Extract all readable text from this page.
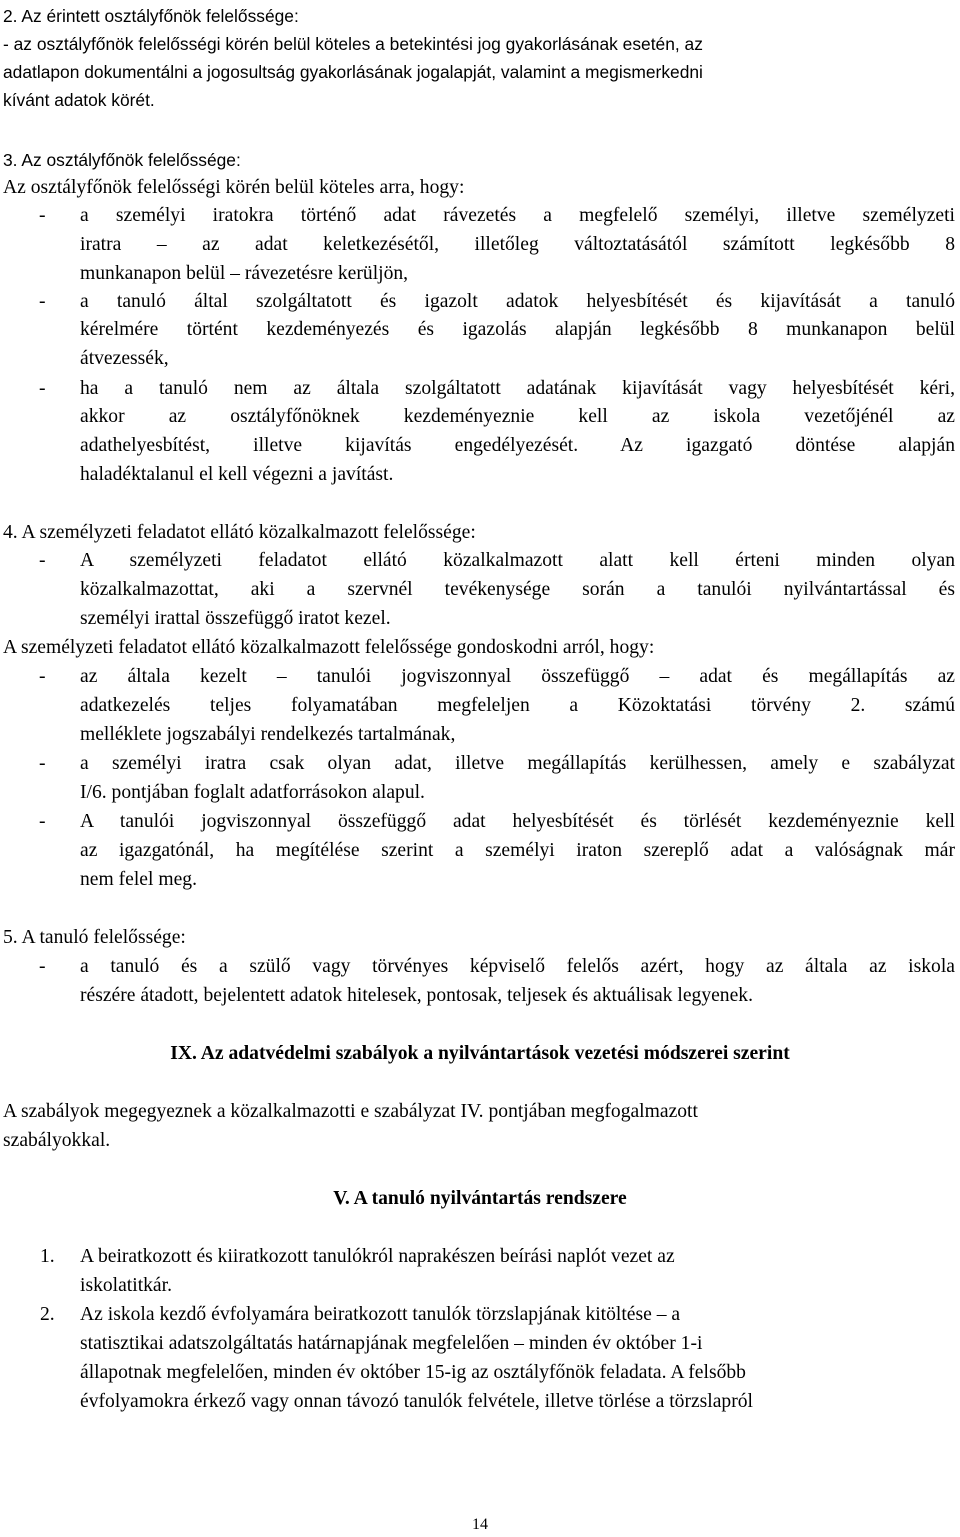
2. Az érintett osztályfőnök felelőssége:
- az osztályfőnök felelősségi körén belül köteles a betekintési jog gyakorlásának esetén, az
adatlapon dokumentálni a jogosultság gyakorlásának jogalapját, valamint a megismerkedni
kívánt adatok körét.
3. Az osztályfőnök felelőssége:
Az osztályfőnök felelősségi körén belül köteles arra, hogy:
- a személyi iratokra történő adat rávezetés a megfelelő személyi, illetve személyzeti
iratra – az adat keletkezésétől, illetőleg változtatásától számított legkésőbb 8
munkanapon belül – rávezetésre kerüljön,
- a tanuló által szolgáltatott és igazolt adatok helyesbítését és kijavítását a tanuló
kérelmére történt kezdeményezés és igazolás alapján legkésőbb 8 munkanapon belül
átvezessék,
- ha a tanuló nem az általa szolgáltatott adatának kijavítását vagy helyesbítését kéri,
akkor az osztályfőnöknek kezdeményeznie kell az iskola vezetőjénél az
adathelyesbítést, illetve kijavítás engedélyezését. Az igazgató döntése alapján
haladéktalanul el kell végezni a javítást.
4. A személyzeti feladatot ellátó közalkalmazott felelőssége:
- A személyzeti feladatot ellátó közalkalmazott alatt kell érteni minden olyan
közalkalmazottat, aki a szervnél tevékenysége során a tanulói nyilvántartással és
személyi irattal összefüggő iratot kezel.
A személyzeti feladatot ellátó közalkalmazott felelőssége gondoskodni arról, hogy:
- az általa kezelt – tanulói jogviszonnyal összefüggő – adat és megállapítás az
adatkezelés teljes folyamatában megfeleljen a Közoktatási törvény 2. számú
melléklete jogszabályi rendelkezés tartalmának,
- a személyi iratra csak olyan adat, illetve megállapítás kerülhessen, amely e szabályzat
I/6. pontjában foglalt adatforrásokon alapul.
- A tanulói jogviszonnyal összefüggő adat helyesbítését és törlését kezdeményeznie kell
az igazgatónál, ha megítélése szerint a személyi iraton szereplő adat a valóságnak már
nem felel meg.
5. A tanuló felelőssége:
- a tanuló és a szülő vagy törvényes képviselő felelős azért, hogy az általa az iskola
részére átadott, bejelentett adatok hitelesek, pontosak, teljesek és aktuálisak legyenek.
IX. Az adatvédelmi szabályok a nyilvántartások vezetési módszerei szerint
A szabályok megegyeznek a közalkalmazotti e szabályzat IV. pontjában megfogalmazott
szabályokkal.
V. A tanuló nyilvántartás rendszere
1. A beiratkozott és kiiratkozott tanulókról naprakészen beírási naplót vezet az
iskolatitkár.
2. Az iskola kezdő évfolyamára beiratkozott tanulók törzslapjának kitöltése – a
statisztikai adatszolgáltatás határnapjának megfelelően – minden év október 1-i
állapotnak megfelelően, minden év október 15-ig az osztályfőnök feladata. A felsőbb
évfolyamokra érkező vagy onnan távozó tanulók felvétele, illetve törlése a törzslapról
14
